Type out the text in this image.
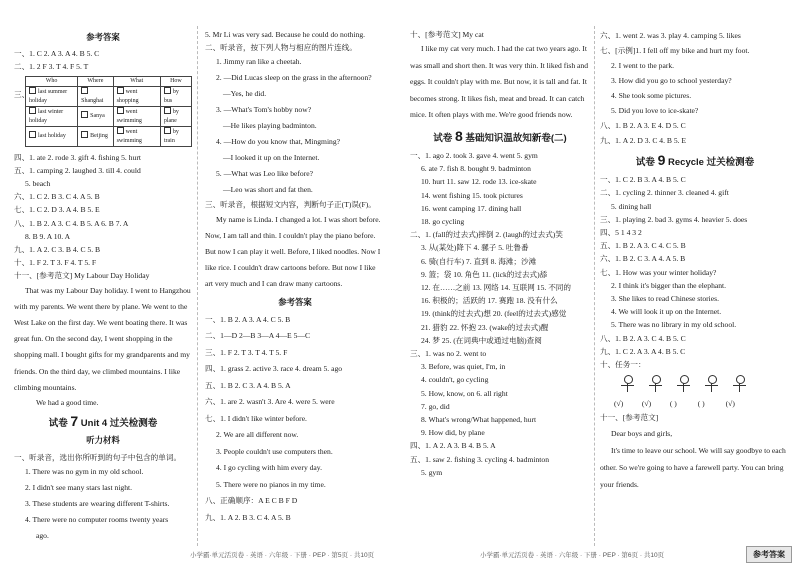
参考答案
一、1. C 2. A 3. A 4. B 5. C
二、1. 2 F 3. T 4. F 5. T
三、
Who	Where	What	How
last summer holiday	Shanghai	went shopping	by bus
last winter holiday	Sanya	went swimming	by plane
last holiday	Beijing	went swimming	by train
四、1. ate 2. rode 3. gift 4. fishing 5. hurt
五、1. camping 2. laughed 3. till 4. could
5. beach
六、1. C 2. B 3. C 4. A 5. B
七、1. C 2. D 3. A 4. B 5. E
八、1. B 2. A 3. C 4. B 5. A 6. B 7. A
8. B 9. A 10. A
九、1. A 2. C 3. B 4. C 5. B
十、1. F 2. T 3. F 4. T 5. F
十一、[参考范文] My Labour Day Holiday
That was my Labour Day holiday. I went to Hangzhou with my parents. We went there by plane. We went to the West Lake on the first day. We went boating there. It was great fun. On the second day, I went shopping in the shopping mall. I bought gifts for my grandparents and my friends. On the third day, we climbed mountains. I like climbing mountains.
We had a good time.
试卷 7 Unit 4 过关检测卷
听力材料
一、听录音，选出你所听到的句子中包含的单词。
1. There was no gym in my old school.
2. I didn't see many stars last night.
3. These students are wearing different T-shirts.
4. There were no computer rooms twenty years
ago.
5. Mr Li was very sad. Because he could do nothing.
二、听录音，按下列人物与相应的图片连线。
1. Jimmy ran like a cheetah.
2. —Did Lucas sleep on the grass in the afternoon?
—Yes, he did.
3. —What's Tom's hobby now?
—He likes playing badminton.
4. —How do you know that, Mingming?
—I looked it up on the Internet.
5. —What was Leo like before?
—Leo was short and fat then.
三、听录音，根据短文内容，判断句子正(T)误(F)。
My name is Linda. I changed a lot. I was short before. Now, I am tall and thin. I couldn't play the piano before. But now I can play it well. Before, I liked noodles. Now I like rice. I couldn't draw cartoons before. But now I like art very much and I can draw many cartoons.
参考答案
一、1. B 2. A 3. A 4. C 5. B
二、1—D 2—B 3—A 4—E 5—C
三、1. F 2. T 3. T 4. T 5. F
四、1. grass 2. active 3. race 4. dream 5. ago
五、1. B 2. C 3. A 4. B 5. A
六、1. are 2. wasn't 3. Are 4. were 5. were
七、1. I didn't like winter before.
2. We are all different now.
3. People couldn't use computers then.
4. I go cycling with him every day.
5. There were no pianos in my time.
八、正确顺序：A E C B F D
九、1. A 2. B 3. C 4. A 5. B
小学霸·单元活页卷 · 英语 · 六年级 · 下册 · PEP · 第5页 · 共10页
十、[参考范文] My cat
I like my cat very much. I had the cat two years ago. It was small and short then. It was very thin. It liked fish and eggs. It couldn't play with me. But now, it is tall and fat. It becomes strong. It likes fish, meat and bread. It can catch mice. It often plays with me. We're good friends now.
试卷 8 基础知识温故知新卷(二)
一、1. ago 2. took 3. gave 4. went 5. gym
6. ate 7. fish 8. bought 9. badminton
10. hurt 11. saw 12. rode 13. ice-skate
14. went fishing 15. took pictures
16. went camping 17. dining hall
18. go cycling
二、1. (fall的过去式)摔倒 2. (laugh的过去式)笑
3. 从(某处)降下 4. 骡子 5. 吐鲁番
6. 骑(自行车) 7. 直到 8. 海滩；沙滩
9. 篮；袋 10. 角色 11. (lick的过去式)舔
12. 在……之前 13. 网络 14. 互联网 15. 不同的
16. 积极的；活跃的 17. 赛跑 18. 没有什么
19. (think的过去式)想 20. (feel的过去式)感觉
21. 猎豹 22. 怀抱 23. (wake的过去式)醒
24. 梦 25. (在词典中或通过电脑)查阅
三、1. was no 2. went to
3. Before, was quiet, I'm, in
4. couldn't, go cycling
5. How, know, on 6. all right
7. go, did
8. What's wrong/What happened, hurt
9. How did, by plane
四、1. A 2. A 3. B 4. B 5. A
五、1. saw 2. fishing 3. cycling 4. badminton
5. gym
六、1. went 2. was 3. play 4. camping 5. likes
七、[示例]1. I fell off my bike and hurt my foot.
2. I went to the park.
3. How did you go to school yesterday?
4. She took some pictures.
5. Did you love to ice-skate?
八、1. B 2. A 3. E 4. D 5. C
九、1. A 2. D 3. C 4. B 5. E
试卷 9 Recycle 过关检测卷
一、1. C 2. B 3. A 4. B 5. C
二、1. cycling 2. thinner 3. cleaned 4. gift
5. dining hall
三、1. playing 2. bad 3. gyms 4. heavier 5. does
四、5 1 4 3 2
五、1. B 2. A 3. C 4. C 5. B
六、1. B 2. C 3. A 4. A 5. B
七、1. How was your winter holiday?
2. I think it's bigger than the elephant.
3. She likes to read Chinese stories.
4. We will look it up on the Internet.
5. There was no library in my old school.
八、1. B 2. A 3. C 4. B 5. C
九、1. C 2. A 3. A 4. B 5. C
十、任务一：
(√) (√) ( )	( )	(√)
十一、[参考范文]
Dear boys and girls,
It's time to leave our school. We will say goodbye to each other. So we're going to have a farewell party. You can bring your friends.
小学霸·单元活页卷 · 英语 · 六年级 · 下册 · PEP · 第6页 · 共10页	参考答案
